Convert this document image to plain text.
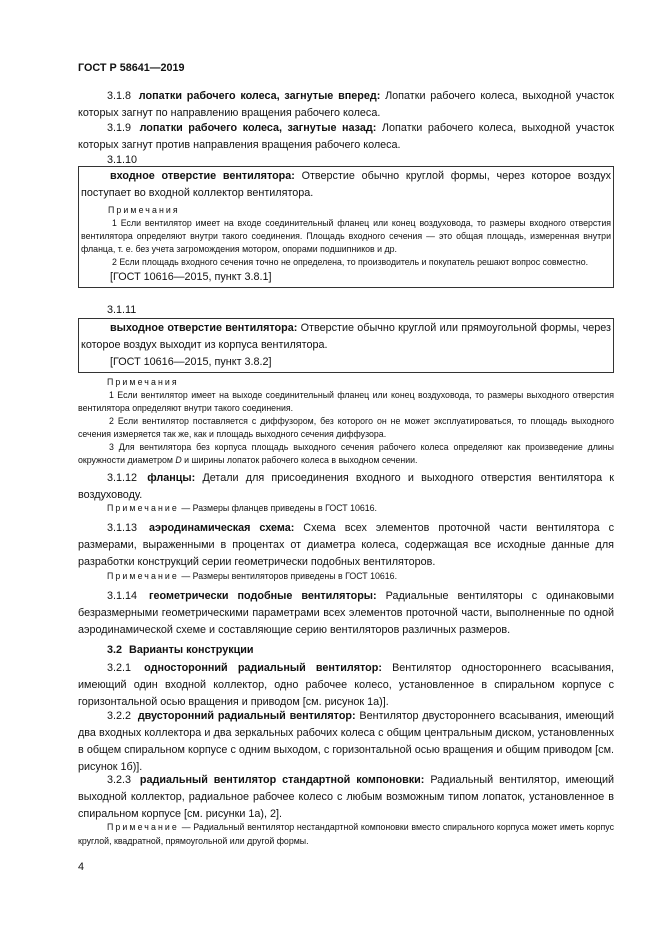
ГОСТ Р 58641—2019

3.1.8 лопатки рабочего колеса, загнутые вперед: Лопатки рабочего колеса, выходной участок которых загнут по направлению вращения рабочего колеса.

3.1.9 лопатки рабочего колеса, загнутые назад: Лопатки рабочего колеса, выходной участок которых загнут против направления вращения рабочего колеса.

3.1.10

входное отверстие вентилятора: Отверстие обычно круглой формы, через которое воздух поступает во входной коллектор вентилятора.

Примечания

1 Если вентилятор имеет на входе соединительный фланец или конец воздуховода, то размеры входного отверстия вентилятора определяют внутри такого соединения. Площадь входного сечения — это общая площадь, измеренная внутри фланца, т. е. без учета загромождения мотором, опорами подшипников и др.

2 Если площадь входного сечения точно не определена, то производитель и покупатель решают вопрос совместно.

[ГОСТ 10616—2015, пункт 3.8.1]

3.1.11

выходное отверстие вентилятора: Отверстие обычно круглой или прямоугольной формы, через которое воздух выходит из корпуса вентилятора.

[ГОСТ 10616—2015, пункт 3.8.2]

Примечания

1 Если вентилятор имеет на выходе соединительный фланец или конец воздуховода, то размеры выходного отверстия вентилятора определяют внутри такого соединения.

2 Если вентилятор поставляется с диффузором, без которого он не может эксплуатироваться, то площадь выходного сечения измеряется так же, как и площадь выходного сечения диффузора.

3 Для вентилятора без корпуса площадь выходного сечения рабочего колеса определяют как произведение длины окружности диаметром D и ширины лопаток рабочего колеса в выходном сечении.

3.1.12 фланцы: Детали для присоединения входного и выходного отверстия вентилятора к воздуховоду.

Примечание — Размеры фланцев приведены в ГОСТ 10616.

3.1.13 аэродинамическая схема: Схема всех элементов проточной части вентилятора с размерами, выраженными в процентах от диаметра колеса, содержащая все исходные данные для разработки конструкций серии геометрически подобных вентиляторов.

Примечание — Размеры вентиляторов приведены в ГОСТ 10616.

3.1.14 геометрически подобные вентиляторы: Радиальные вентиляторы с одинаковыми безразмерными геометрическими параметрами всех элементов проточной части, выполненные по одной аэродинамической схеме и составляющие серию вентиляторов различных размеров.

3.2 Варианты конструкции

3.2.1 односторонний радиальный вентилятор: Вентилятор одностороннего всасывания, имеющий один входной коллектор, одно рабочее колесо, установленное в спиральном корпусе с горизонтальной осью вращения и приводом [см. рисунок 1а)].

3.2.2 двусторонний радиальный вентилятор: Вентилятор двустороннего всасывания, имеющий два входных коллектора и два зеркальных рабочих колеса с общим центральным диском, установленных в общем спиральном корпусе с одним выходом, с горизонтальной осью вращения и общим приводом [см. рисунок 1б)].

3.2.3 радиальный вентилятор стандартной компоновки: Радиальный вентилятор, имеющий выходной коллектор, радиальное рабочее колесо с любым возможным типом лопаток, установленное в спиральном корпусе [см. рисунки 1а), 2].

Примечание — Радиальный вентилятор нестандартной компоновки вместо спирального корпуса может иметь корпус круглой, квадратной, прямоугольной или другой формы.

4
